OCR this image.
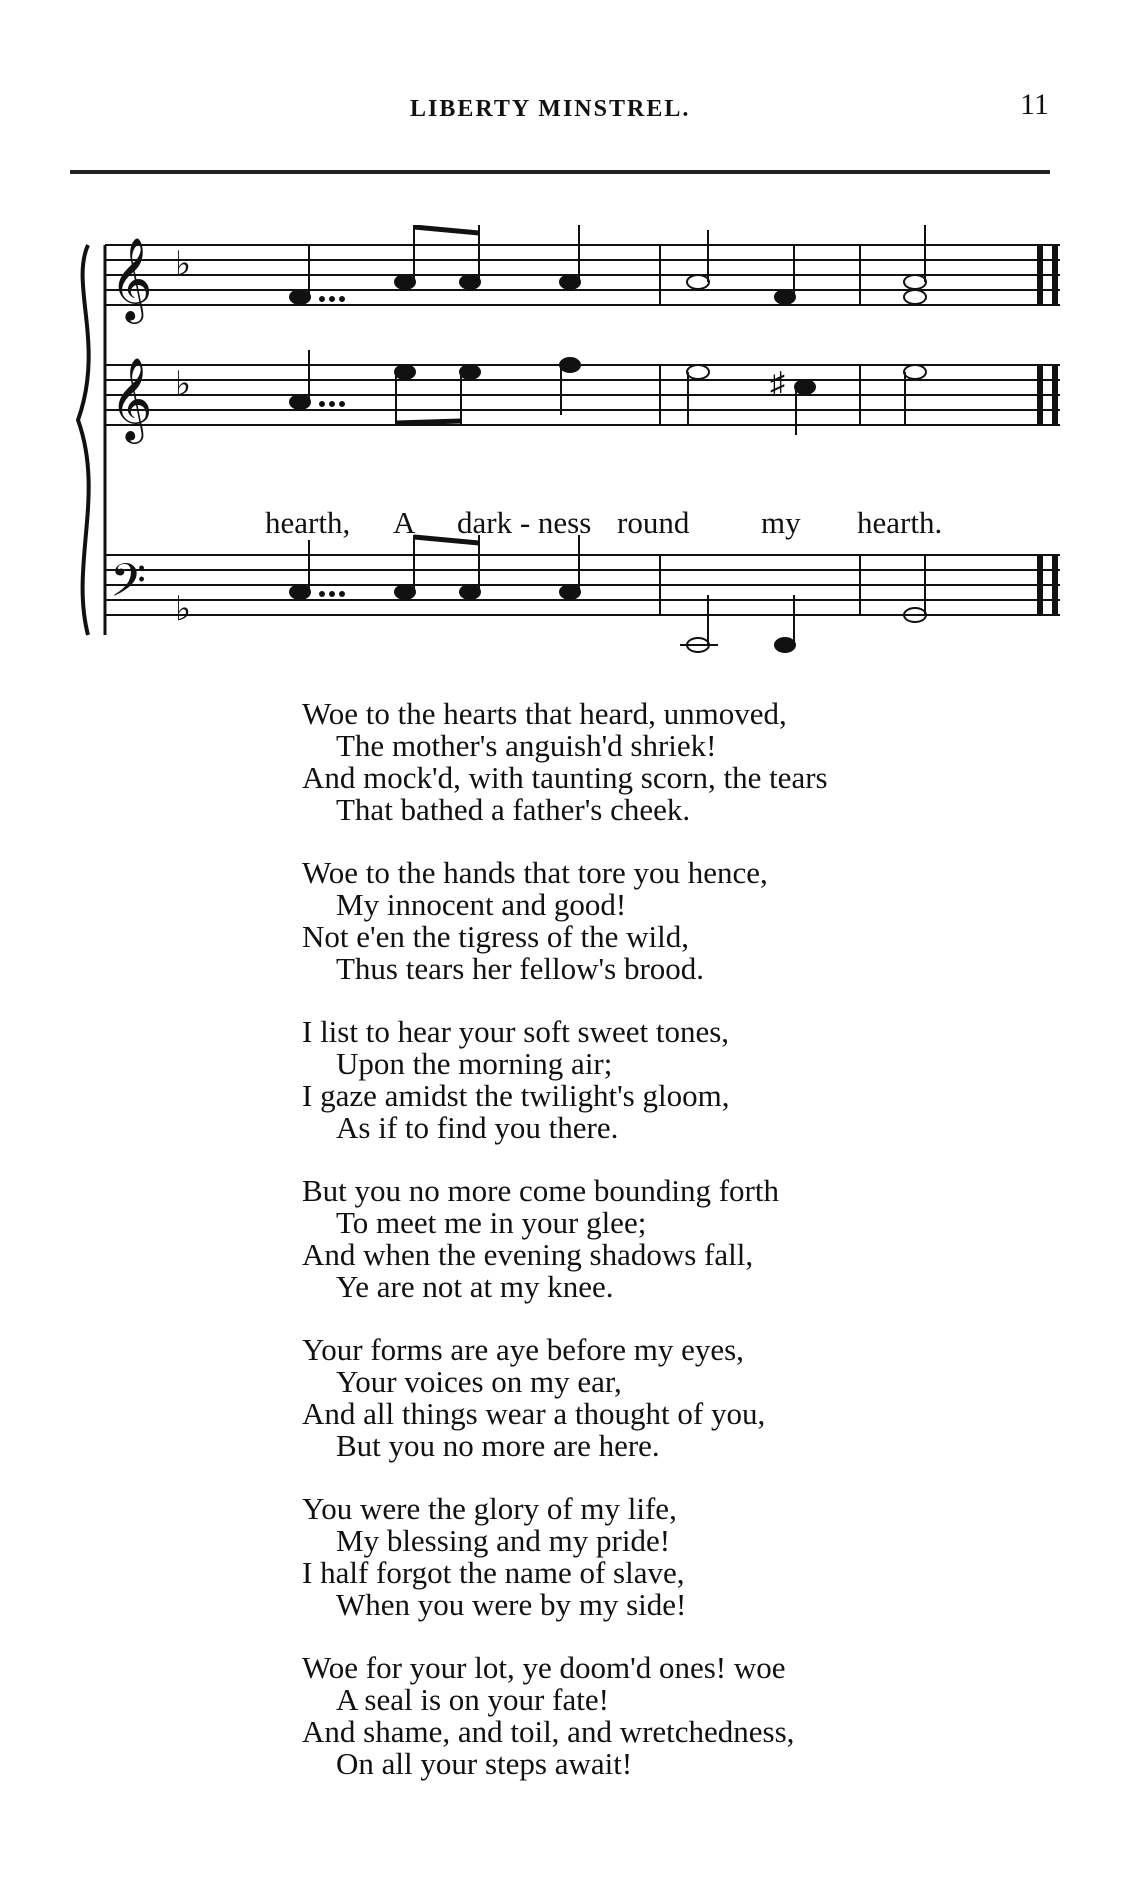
LIBERTY MINSTREL.	11
𝄞
𝄞
𝄢
♭
♭
♭
♯
hearth, A dark - ness round my hearth.
Woe to the hearts that heard, unmoved,
The mother's anguish'd shriek!
And mock'd, with taunting scorn, the tears
That bathed a father's cheek.
Woe to the hands that tore you hence,
My innocent and good!
Not e'en the tigress of the wild,
Thus tears her fellow's brood.
I list to hear your soft sweet tones,
Upon the morning air;
I gaze amidst the twilight's gloom,
As if to find you there.
But you no more come bounding forth
To meet me in your glee;
And when the evening shadows fall,
Ye are not at my knee.
Your forms are aye before my eyes,
Your voices on my ear,
And all things wear a thought of you,
But you no more are here.
You were the glory of my life,
My blessing and my pride!
I half forgot the name of slave,
When you were by my side!
Woe for your lot, ye doom'd ones! woe
A seal is on your fate!
And shame, and toil, and wretchedness,
On all your steps await!
